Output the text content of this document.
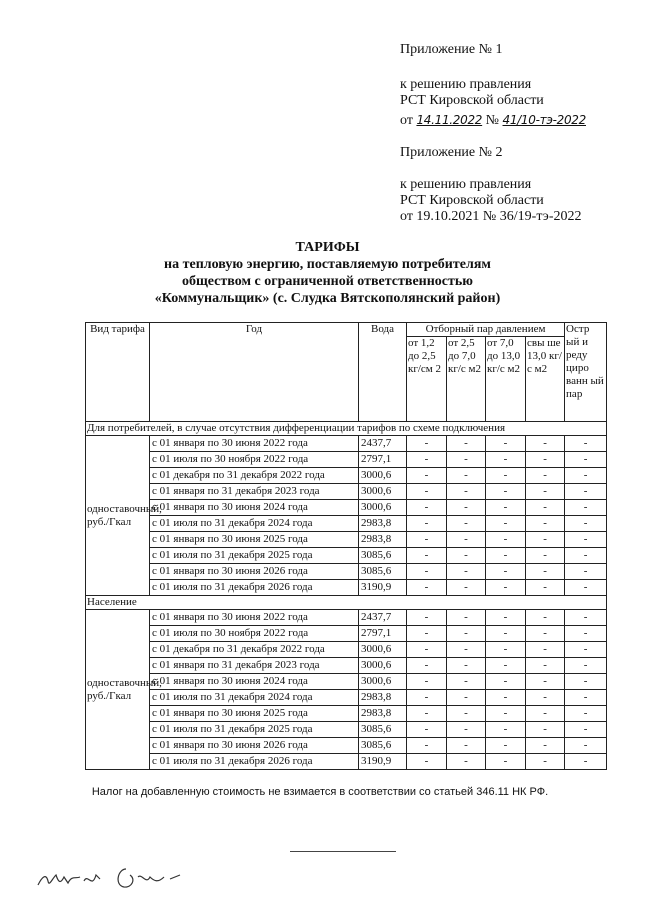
Приложение № 1
к решению правления
РСТ Кировской области
от 14.11.2022 № 41/10-тэ-2022
Приложение № 2
к решению правления
РСТ Кировской области
от 19.10.2021 № 36/19-тэ-2022
ТАРИФЫ
на тепловую энергию, поставляемую потребителям
обществом с ограниченной ответственностью
«Коммунальщик» (с. Слудка Вятскополянский район)
Вид тарифа	Год	Вода	Отборный пар давлением				Остр ый и реду циро ванн ый пар
			от 1,2 до 2,5 кг/см 2	от 2,5 до 7,0 кг/с м2	от 7,0 до 13,0 кг/с м2	свы ше 13,0 кг/с м2	
Для потребителей, в случае отсутствия дифференциации тарифов по схеме подключения							
одноставочный, руб./Гкал	с 01 января по 30 июня 2022 года	2437,7	-	-	-	-	-
	с 01 июля по 30 ноября 2022 года	2797,1	-	-	-	-	-
	с 01 декабря по 31 декабря 2022 года	3000,6	-	-	-	-	-
	с 01 января по 31 декабря 2023 года	3000,6	-	-	-	-	-
	с 01 января по 30 июня 2024 года	3000,6	-	-	-	-	-
	с 01 июля по 31 декабря 2024 года	2983,8	-	-	-	-	-
	с 01 января по 30 июня 2025 года	2983,8	-	-	-	-	-
	с 01 июля по 31 декабря 2025 года	3085,6	-	-	-	-	-
	с 01 января по 30 июня 2026 года	3085,6	-	-	-	-	-
	с 01 июля по 31 декабря 2026 года	3190,9	-	-	-	-	-
Население							
одноставочный, руб./Гкал	с 01 января по 30 июня 2022 года	2437,7	-	-	-	-	-
	с 01 июля по 30 ноября 2022 года	2797,1	-	-	-	-	-
	с 01 декабря по 31 декабря 2022 года	3000,6	-	-	-	-	-
	с 01 января по 31 декабря 2023 года	3000,6	-	-	-	-	-
	с 01 января по 30 июня 2024 года	3000,6	-	-	-	-	-
	с 01 июля по 31 декабря 2024 года	2983,8	-	-	-	-	-
	с 01 января по 30 июня 2025 года	2983,8	-	-	-	-	-
	с 01 июля по 31 декабря 2025 года	3085,6	-	-	-	-	-
	с 01 января по 30 июня 2026 года	3085,6	-	-	-	-	-
	с 01 июля по 31 декабря 2026 года	3190,9	-	-	-	-	-
Налог на добавленную стоимость не взимается в соответствии со статьей 346.11 НК РФ.
